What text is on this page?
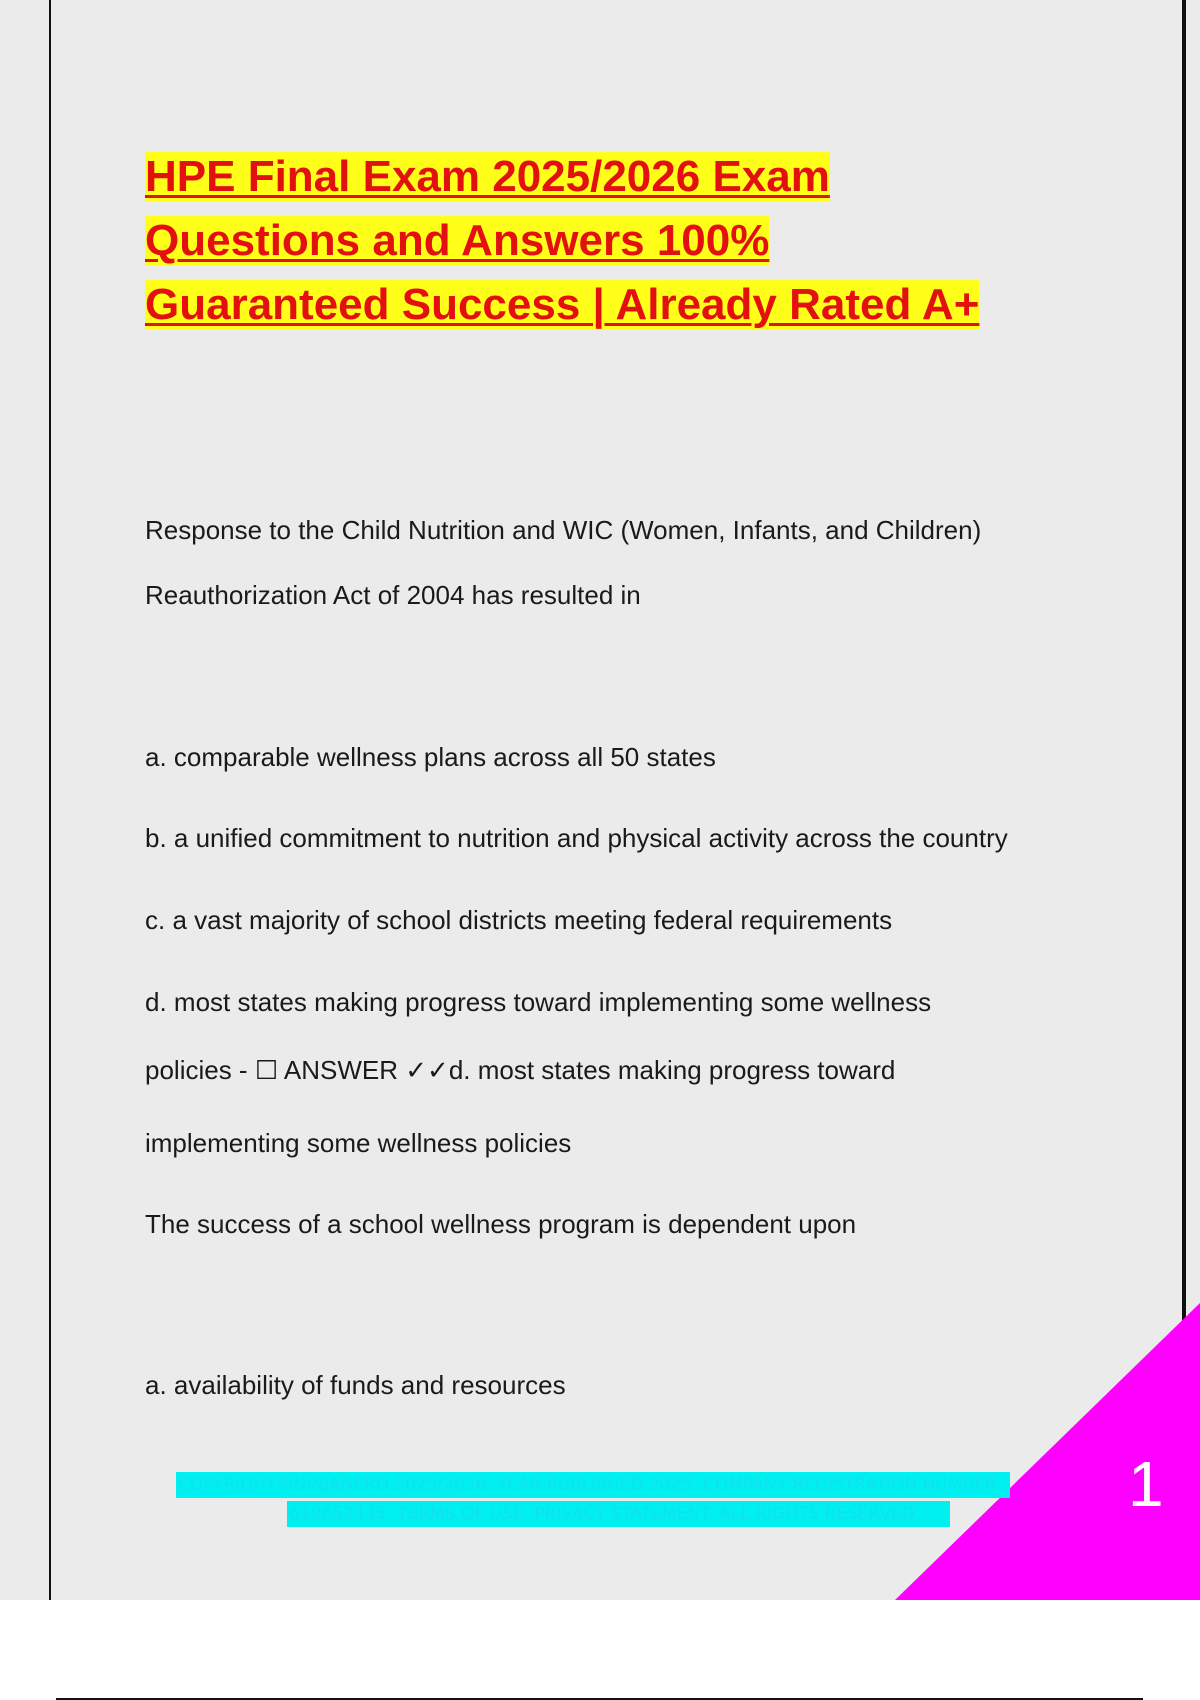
HPE Final Exam 2025/2026 Exam
Questions and Answers 100%
Guaranteed Success | Already Rated A+
Response to the Child Nutrition and WIC (Women, Infants, and Children)
Reauthorization Act of 2004 has resulted in
a. comparable wellness plans across all 50 states
b. a unified commitment to nutrition and physical activity across the country
c. a vast majority of school districts meeting federal requirements
d. most states making progress toward implementing some wellness
policies - ☐ ANSWER ✓✓d. most states making progress toward
implementing some wellness policies
The success of a school wellness program is dependent upon
a. availability of funds and resources
1
COPYRIGHT©NINJANERD 2025/2026. YEAR PUBLISHED 2025. COMPANY REGISTRATION NUMBER
619652435. TERMS OF USE. PRIVACY STATEMENT. ALL RIGHTS RESERVED
